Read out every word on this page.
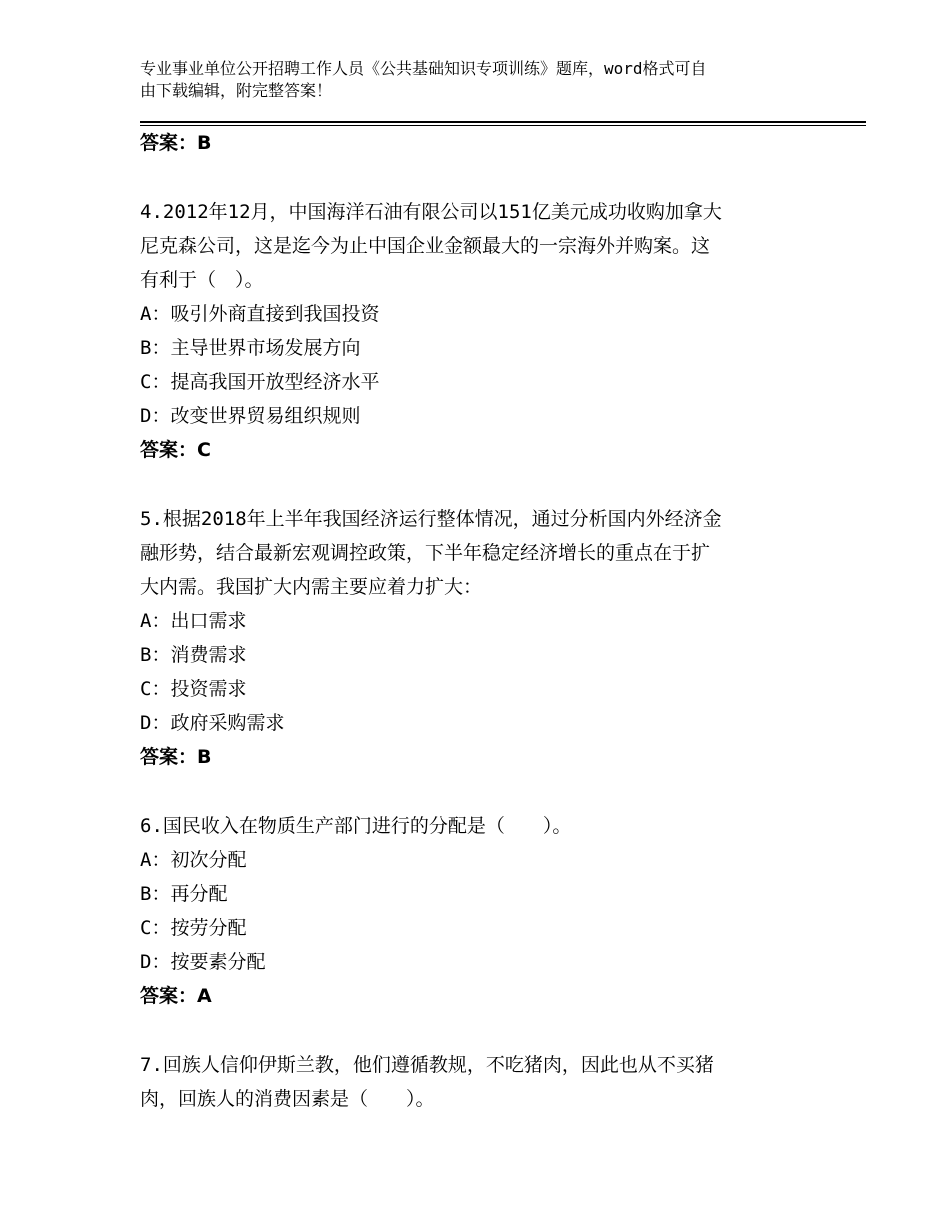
专业事业单位公开招聘工作人员《公共基础知识专项训练》题库，word格式可自
由下载编辑，附完整答案！
答案：B
4.2012年12月，中国海洋石油有限公司以151亿美元成功收购加拿大
尼克森公司，这是迄今为止中国企业金额最大的一宗海外并购案。这
有利于（　）。
A：吸引外商直接到我国投资
B：主导世界市场发展方向
C：提高我国开放型经济水平
D：改变世界贸易组织规则
答案：C
5.根据2018年上半年我国经济运行整体情况，通过分析国内外经济金
融形势，结合最新宏观调控政策，下半年稳定经济增长的重点在于扩
大内需。我国扩大内需主要应着力扩大：
A：出口需求
B：消费需求
C：投资需求
D：政府采购需求
答案：B
6.国民收入在物质生产部门进行的分配是（　　）。
A：初次分配
B：再分配
C：按劳分配
D：按要素分配
答案：A
7.回族人信仰伊斯兰教，他们遵循教规，不吃猪肉，因此也从不买猪
肉，回族人的消费因素是（　　）。
